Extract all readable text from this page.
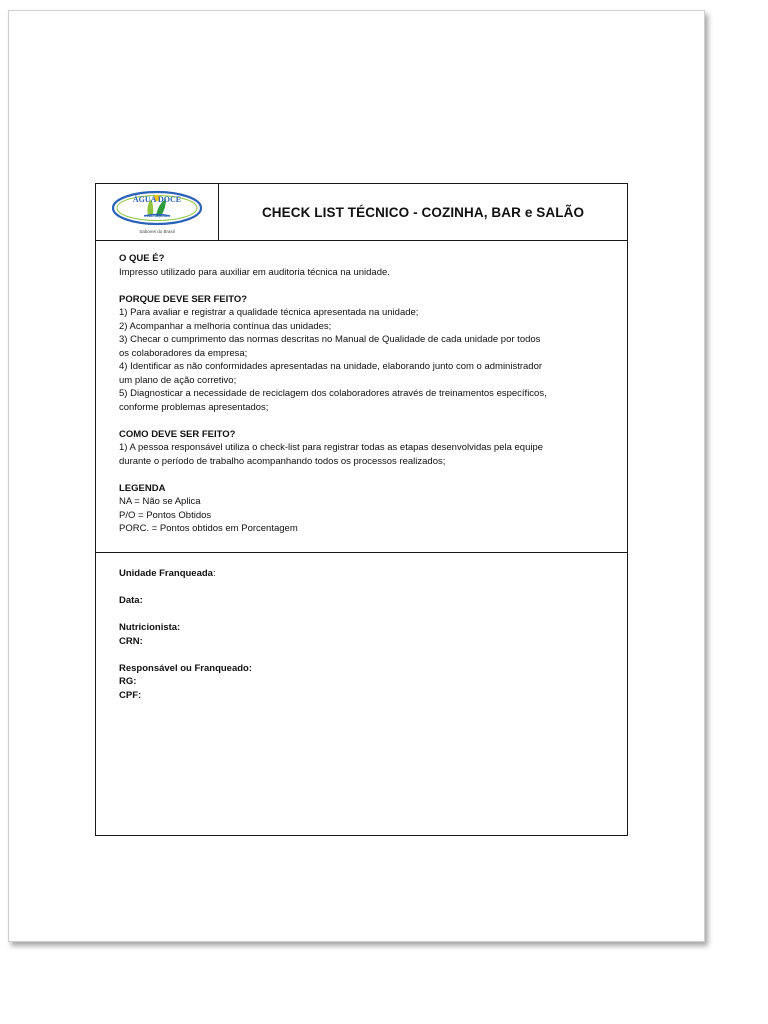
ÁGUA DOCE
cachaçaria
Sabores do Brasil
CHECK LIST TÉCNICO - COZINHA, BAR e SALÃO
O QUE É?
Impresso utilizado para auxiliar em auditoria técnica na unidade.
PORQUE DEVE SER FEITO?
1) Para avaliar e registrar a qualidade técnica apresentada na unidade;
2) Acompanhar a melhoria contínua das unidades;
3) Checar o cumprimento das normas descritas no Manual de Qualidade de cada unidade por todos
os colaboradores da empresa;
4) Identificar as não conformidades apresentadas na unidade, elaborando junto com o administrador
um plano de ação corretivo;
5) Diagnosticar a necessidade de reciclagem dos colaboradores através de treinamentos específicos,
conforme problemas apresentados;
COMO DEVE SER FEITO?
1) A pessoa responsável utiliza o check-list para registrar todas as etapas desenvolvidas pela equipe
durante o período de trabalho acompanhando todos os processos realizados;
LEGENDA
NA = Não se Aplica
P/O = Pontos Obtidos
PORC. = Pontos obtidos em Porcentagem
Unidade Franqueada:
Data:
Nutricionista:
CRN:
Responsável ou Franqueado:
RG:
CPF:
